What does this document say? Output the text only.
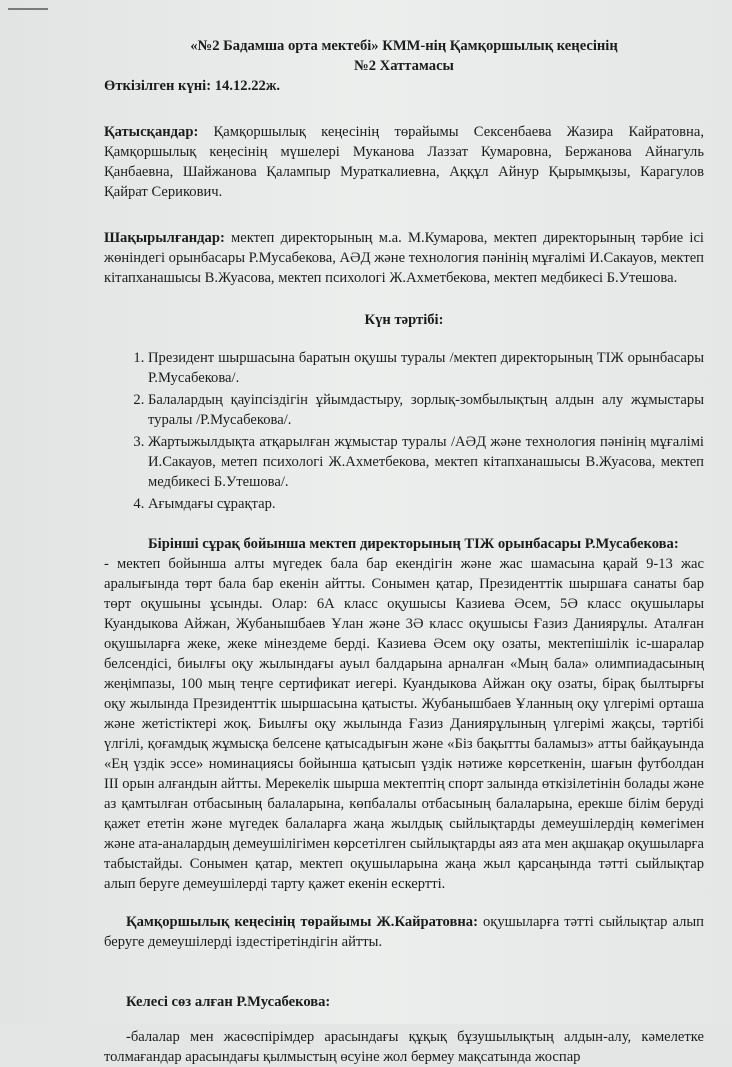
«№2 Бадамша орта мектебі» КММ-нің Қамқоршылық кеңесінің

№2 Хаттамасы

Өткізілген күні: 14.12.22ж.

Қатысқандар: Қамқоршылық кеңесінің төрайымы Сексенбаева Жазира Кайратовна, Қамқоршылық кеңесінің мүшелері Муканова Лаззат Кумаровна, Бержанова Айнагуль Қанбаевна, Шайжанова Қалампыр Мураткалиевна, Аққұл Айнур Қырымқызы, Карагулов Қайрат Серикович.

Шақырылғандар: мектеп директорының м.а. М.Кумарова, мектеп директорының тәрбие ісі жөніндегі орынбасары Р.Мусабекова, АӘД және технология пәнінің мұғалімі И.Сакауов, мектеп кітапханашысы В.Жуасова, мектеп психологі Ж.Ахметбекова, мектеп медбикесі Б.Утешова.

Күн тәртібі:

1. Президент шыршасына баратын оқушы туралы /мектеп директорының ТІЖ орынбасары Р.Мусабекова/.
2. Балалардың қауіпсіздігін ұйымдастыру, зорлық-зомбылықтың алдын алу жұмыстары туралы /Р.Мусабекова/.
3. Жартыжылдықта атқарылған жұмыстар туралы /АӘД және технология пәнінің мұғалімі И.Сакауов, метеп психологі Ж.Ахметбекова, мектеп кітапханашысы В.Жуасова, мектеп медбикесі Б.Утешова/.
4. Ағымдағы сұрақтар.

Бірінші сұрақ бойынша мектеп директорының ТІЖ орынбасары Р.Мусабекова:

- мектеп бойынша алты мүгедек бала бар екендігін және жас шамасына қарай 9-13 жас аралығында төрт бала бар екенін айтты. Сонымен қатар, Президенттік шыршаға санаты бар төрт оқушыны ұсынды. Олар: 6А класс оқушысы Казиева Әсем, 5Ә класс оқушылары Куандыкова Айжан, Жубанышбаев Ұлан және 3Ә класс оқушысы Ғазиз Даниярұлы. Аталған оқушыларға жеке, жеке мінездеме берді. Казиева Әсем оқу озаты, мектепішілік іс-шаралар белсендісі, биылғы оқу жылындағы ауыл балдарына арналған «Мың бала» олимпиадасының жеңімпазы, 100 мың теңге сертификат иегері. Куандыкова Айжан оқу озаты, бірақ былтырғы оқу жылында Президенттік шыршасына қатысты. Жубанышбаев Ұланның оқу үлгерімі орташа және жетістіктері жоқ. Биылғы оқу жылында Ғазиз Даниярұлының үлгерімі жақсы, тәртібі үлгілі, қоғамдық жұмысқа белсене қатысадығын және «Біз бақытты баламыз» атты байқауында «Ең үздік эссе» номинациясы бойынша қатысып үздік нәтиже көрсеткенін, шағын футболдан ІІІ орын алғандын айтты. Мерекелік шырша мектептің спорт залында өткізілетінін болады және аз қамтылған отбасының балаларына, көпбалалы отбасының балаларына, ерекше білім беруді қажет ететін және мүгедек балаларға жаңа жылдық сыйлықтарды демеушілердің көмегімен және ата-аналардың демеушілігімен көрсетілген сыйлықтарды аяз ата мен ақшақар оқушыларға табыстайды. Сонымен қатар, мектеп оқушыларына жаңа жыл қарсаңында тәтті сыйлықтар алып беруге демеушілерді тарту қажет екенін ескертті.

Қамқоршылық кеңесінің төрайымы Ж.Кайратовна: оқушыларға тәтті сыйлықтар алып беруге демеушілерді іздестіретіндігін айтты.

Келесі сөз алған Р.Мусабекова:

-балалар мен жасөспірімдер арасындағы құқық бұзушылықтың алдын-алу, кәмелетке толмағандар арасындағы қылмыстың өсуіне жол бермеу мақсатында жоспар
